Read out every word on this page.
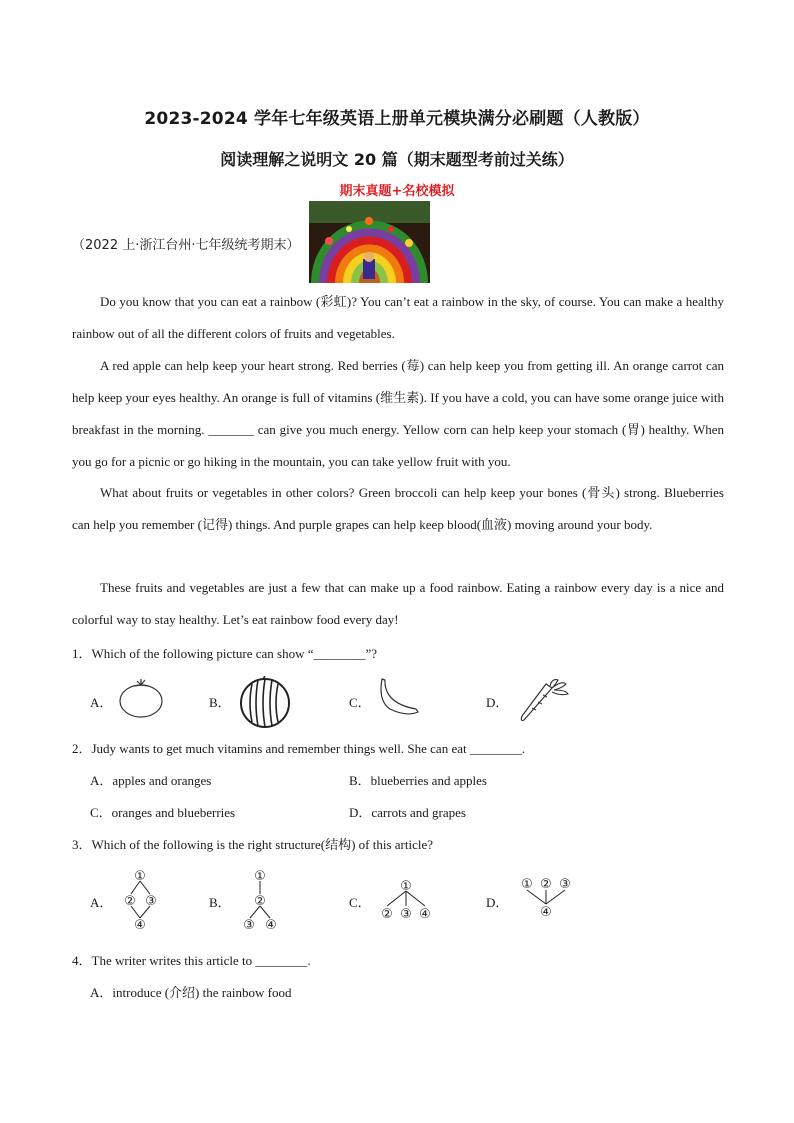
2023-2024 学年七年级英语上册单元模块满分必刷题（人教版）
阅读理解之说明文 20 篇（期末题型考前过关练）
期末真题+名校模拟
（2022 上·浙江台州·七年级统考期末）
Do you know that you can eat a rainbow (彩虹)? You can’t eat a rainbow in the sky, of course. You can make a healthy rainbow out of all the different colors of fruits and vegetables.
A red apple can help keep your heart strong. Red berries (莓) can help keep you from getting ill. An orange carrot can help keep your eyes healthy. An orange is full of vitamins (维生素). If you have a cold, you can have some orange juice with breakfast in the morning. _______ can give you much energy. Yellow corn can help keep your stomach (胃) healthy. When you go for a picnic or go hiking in the mountain, you can take yellow fruit with you.
What about fruits or vegetables in other colors? Green broccoli can help keep your bones (骨头) strong. Blueberries can help you remember (记得) things. And purple grapes can help keep blood(血液) moving around your body.
These fruits and vegetables are just a few that can make up a food rainbow. Eating a rainbow every day is a nice and colorful way to stay healthy. Let’s eat rainbow food every day!
1．Which of the following picture can show “________”?
A．	B．	C．	D．
2．Judy wants to get much vitamins and remember things well. She can eat ________.
A．apples and oranges	B．blueberries and apples
C．oranges and blueberries	D．carrots and grapes
3．Which of the following is the right structure(结构) of this article?
A．
①
② ③
④
B．
①
②
③ ④
C．
①
② ③ ④
D．
① ② ③
④
4．The writer writes this article to ________.
A．introduce (介绍) the rainbow food
